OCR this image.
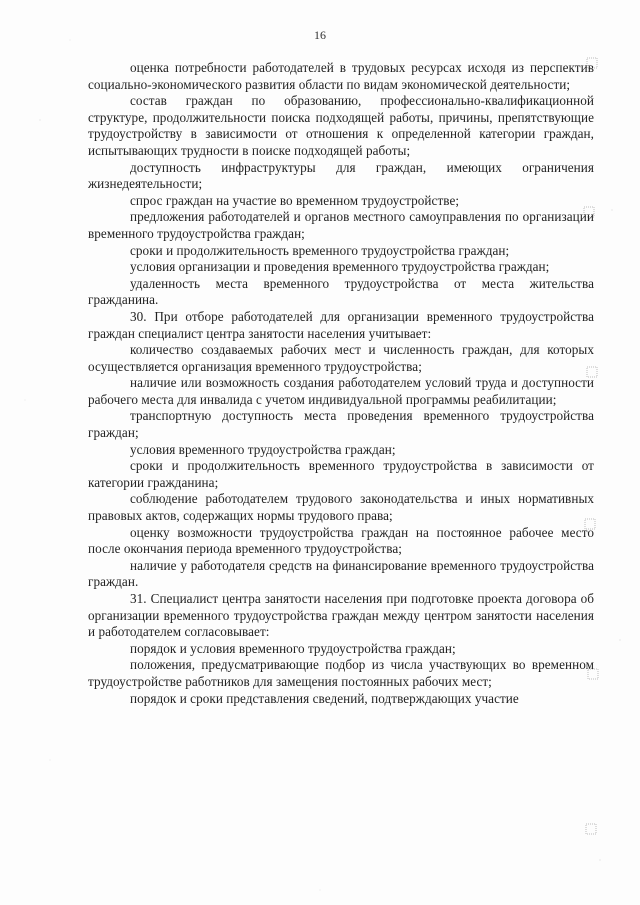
16

оценка потребности работодателей в трудовых ресурсах исходя из перспектив социально-экономического развития области по видам экономической деятельности;

состав граждан по образованию, профессионально-квалификационной структуре, продолжительности поиска подходящей работы, причины, препятствующие трудоустройству в зависимости от отношения к определенной категории граждан, испытывающих трудности в поиске подходящей работы;

доступность инфраструктуры для граждан, имеющих ограничения жизнедеятельности;

спрос граждан на участие во временном трудоустройстве;

предложения работодателей и органов местного самоуправления по организации временного трудоустройства граждан;

сроки и продолжительность временного трудоустройства граждан;

условия организации и проведения временного трудоустройства граждан;

удаленность места временного трудоустройства от места жительства гражданина.

30. При отборе работодателей для организации временного трудоустройства граждан специалист центра занятости населения учитывает:

количество создаваемых рабочих мест и численность граждан, для которых осуществляется организация временного трудоустройства;

наличие или возможность создания работодателем условий труда и доступности рабочего места для инвалида с учетом индивидуальной программы реабилитации;

транспортную доступность места проведения временного трудоустройства граждан;

условия временного трудоустройства граждан;

сроки и продолжительность временного трудоустройства в зависимости от категории гражданина;

соблюдение работодателем трудового законодательства и иных нормативных правовых актов, содержащих нормы трудового права;

оценку возможности трудоустройства граждан на постоянное рабочее место после окончания периода временного трудоустройства;

наличие у работодателя средств на финансирование временного трудоустройства граждан.

31. Специалист центра занятости населения при подготовке проекта договора об организации временного трудоустройства граждан между центром занятости населения и работодателем согласовывает:

порядок и условия временного трудоустройства граждан;

положения, предусматривающие подбор из числа участвующих во временном трудоустройстве работников для замещения постоянных рабочих мест;

порядок и сроки представления сведений, подтверждающих участие
